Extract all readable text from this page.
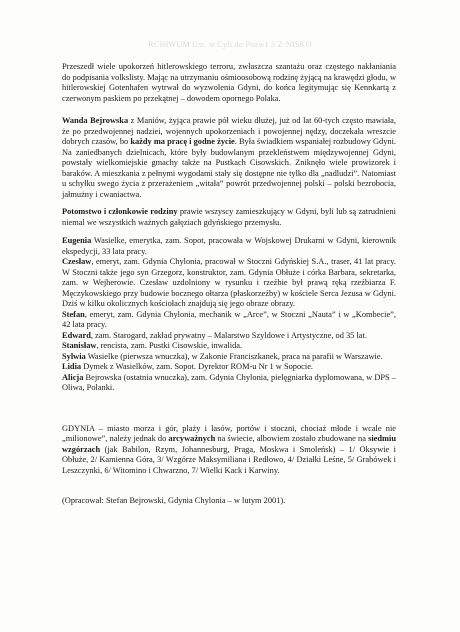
RCHIWUM Ust. w Cyli do Pozw1 3 Z·NISKO

Przeszedł wiele upokorzeń hitlerowskiego terroru, zwłaszcza szantażu oraz częstego nakłaniania do podpisania volkslisty. Mając na utrzymaniu ośmioosobową rodzinę żyjącą na krawędzi głodu, w hitlerowskiej Gotenhafen wytrwał do wyzwolenia Gdyni, do końca legitymując się Kennkartą z czerwonym paskiem po przekątnej – dowodem opornego Polaka.

Wanda Bejrowska z Maniów, żyjąca prawie pół wieku dłużej, już od lat 60-tych często mawiała, że po przedwojennej nadziei, wojennych upokorzeniach i powojennej nędzy, doczekała wreszcie dobrych czasów, bo każdy ma pracę i godne życie. Była świadkiem wspaniałej rozbudowy Gdyni. Na zaniedbanych dzielnicach, które były budowlanym przekleństwem międzywojennej Gdyni, powstały wielkomiejskie gmachy także na Pustkach Cisowskich. Zniknęło wiele prowizorek i baraków. A mieszkania z pełnymi wygodami stały się dostępne nie tylko dla „nadludzi”. Natomiast u schyłku swego życia z przerażeniem „witała” powrót przedwojennej polski – polski bezrobocia, jałmużny i cwaniactwa.

Potomstwo i członkowie rodziny prawie wszyscy zamieszkujący w Gdyni, byli lub są zatrudnieni niemal we wszystkich ważnych gałęziach gdyńskiego przemysłu.

Eugenia Wasielke, emerytka, zam. Sopot, pracowała w Wojskowej Drukarni w Gdyni, kierownik ekspedycji, 33 lata pracy.

Czesław, emeryt, zam. Gdynia Chylonia, pracował w Stoczni Gdyńskiej S.A., traser, 41 lat pracy. W Stoczni także jego syn Grzegorz, konstruktor, zam. Gdynia Obłuże i córka Barbara, sekretarka, zam. w Wejherowie. Czesław uzdolniony w rysunku i rzeźbie był prawą ręką rzeźbiarza F. Męczykowskiego przy budowie bocznego ołtarza (płaskorzeźby) w kościele Serca Jezusa w Gdyni. Dziś w kilku okolicznych kościołach znajdują się jego obraze obrazy.

Stefan, emeryt, zam. Gdynia Chylonia, mechanik w „Arce”, w Stoczni „Nauta” i w „Kombecie”, 42 lata pracy.

Edward, zam. Starogard, zakład prywatny – Malarstwo Szyldowe i Artystyczne, od 35 lat.

Stanisław, rencista, zam. Pustki Cisowskie, inwalida.

Sylwia Wasielke (pierwsza wnuczka), w Zakonie Franciszkanek, praca na parafii w Warszawie.

Lidia Dymek z Wasielków, zam. Sopot. Dyrektor ROM-u Nr 1 w Sopocie.

Alicja Bejrowska (ostatnia wnuczka), zam. Gdynia Chylonia, pielęgniarka dyplomowana, w DPS – Oliwa, Polanki.

GDYNIA – miasto morza i gór, plaży i lasów, portów i stoczni, chociaż młode i wcale nie „milionowe”, należy jednak do arcyważnych na świecie, albowiem zostało zbudowane na siedmiu wzgórzach (jak Babilon, Rzym, Johannesburg, Praga, Moskwa i Smoleńsk) – 1/ Oksywie i Obłuże, 2/ Kamienna Góra, 3/ Wzgórze Maksymiliana i Redłowo, 4/ Działki Leśne, 5/ Grabówek i Leszczynki, 6/ Witomino i Chwarzno, 7/ Wielki Kack i Karwiny.

(Opracował: Stefan Bejrowski, Gdynia Chylonia – w lutym 2001).
